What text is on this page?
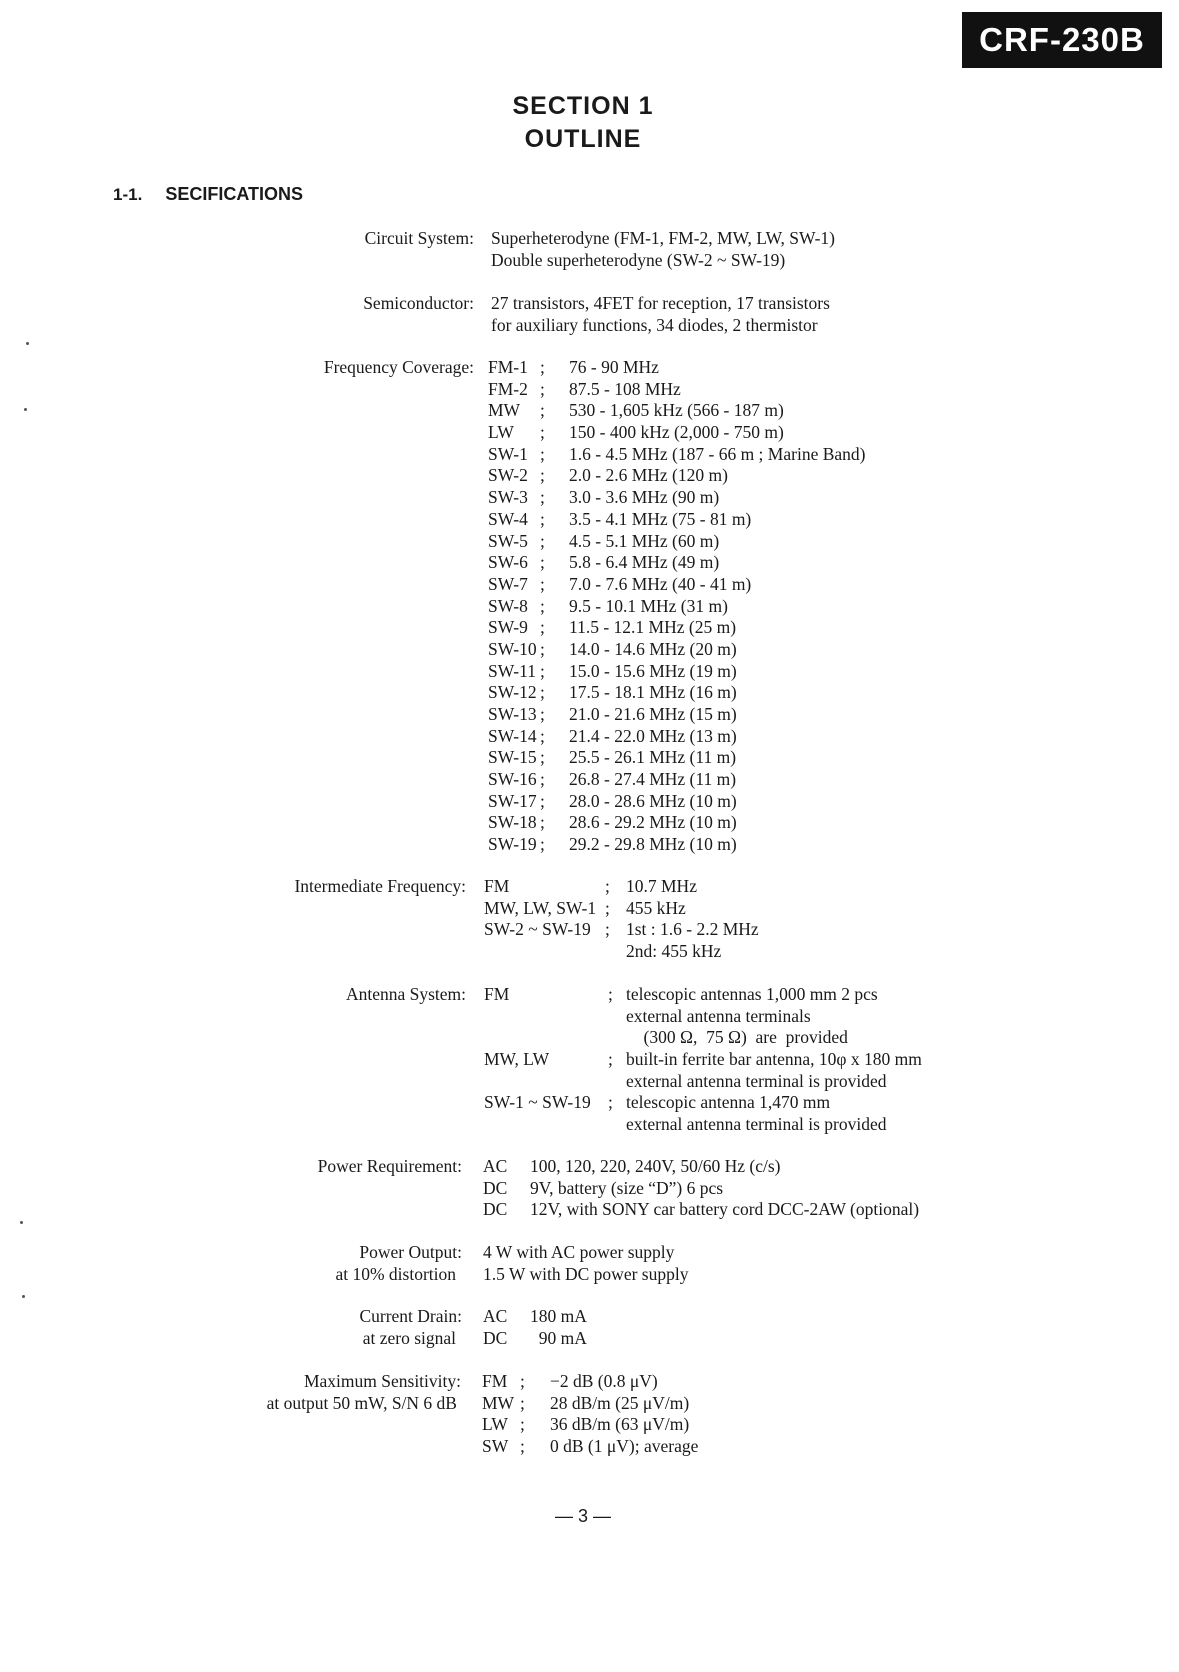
CRF-230B
SECTION 1
OUTLINE
1-1. SECIFICATIONS
Circuit System: Superheterodyne (FM-1, FM-2, MW, LW, SW-1)
Double superheterodyne (SW-2 ~ SW-19)
Semiconductor: 27 transistors, 4FET for reception, 17 transistors
for auxiliary functions, 34 diodes, 2 thermistor
Frequency Coverage: FM-1 ; 76 - 90 MHz
FM-2 ; 87.5 - 108 MHz
MW ; 530 - 1,605 kHz (566 - 187 m)
LW ; 150 - 400 kHz (2,000 - 750 m)
SW-1 ; 1.6 - 4.5 MHz (187 - 66 m ; Marine Band)
SW-2 ; 2.0 - 2.6 MHz (120 m)
SW-3 ; 3.0 - 3.6 MHz (90 m)
SW-4 ; 3.5 - 4.1 MHz (75 - 81 m)
SW-5 ; 4.5 - 5.1 MHz (60 m)
SW-6 ; 5.8 - 6.4 MHz (49 m)
SW-7 ; 7.0 - 7.6 MHz (40 - 41 m)
SW-8 ; 9.5 - 10.1 MHz (31 m)
SW-9 ; 11.5 - 12.1 MHz (25 m)
SW-10 ; 14.0 - 14.6 MHz (20 m)
SW-11 ; 15.0 - 15.6 MHz (19 m)
SW-12 ; 17.5 - 18.1 MHz (16 m)
SW-13 ; 21.0 - 21.6 MHz (15 m)
SW-14 ; 21.4 - 22.0 MHz (13 m)
SW-15 ; 25.5 - 26.1 MHz (11 m)
SW-16 ; 26.8 - 27.4 MHz (11 m)
SW-17 ; 28.0 - 28.6 MHz (10 m)
SW-18 ; 28.6 - 29.2 MHz (10 m)
SW-19 ; 29.2 - 29.8 MHz (10 m)
Intermediate Frequency: FM	; 10.7 MHz
MW, LW, SW-1 ; 455 kHz
SW-2 ~ SW-19 ; 1st : 1.6 - 2.2 MHz
2nd: 455 kHz
Antenna System: FM	; telescopic antennas 1,000 mm 2 pcs
external antenna terminals
(300 Ω,  75 Ω)  are  provided
MW, LW	; built-in ferrite bar antenna, 10φ x 180 mm
external antenna terminal is provided
SW-1 ~ SW-19 ; telescopic antenna 1,470 mm
external antenna terminal is provided
Power Requirement: AC 100, 120, 220, 240V, 50/60 Hz (c/s)
DC 9V, battery (size “D”) 6 pcs
DC 12V, with SONY car battery cord DCC-2AW (optional)
Power Output:
at 10% distortion
4 W with AC power supply
1.5 W with DC power supply
Current Drain:
at zero signal
AC 180 mA
DC 90 mA
Maximum Sensitivity:
at output 50 mW, S/N 6 dB
FM ; −2 dB (0.8 μV)
MW ; 28 dB/m (25 μV/m)
LW ; 36 dB/m (63 μV/m)
SW ; 0 dB (1 μV); average
— 3 —
